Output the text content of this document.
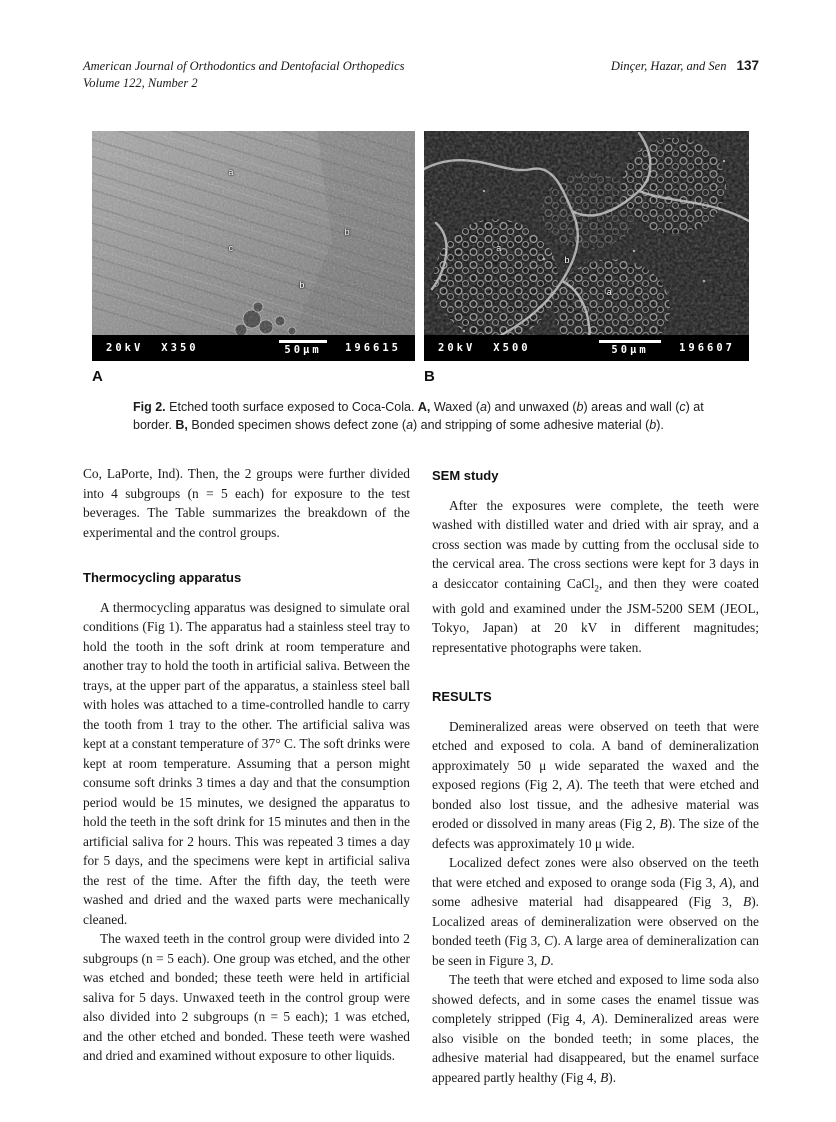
American Journal of Orthodontics and Dentofacial Orthopedics
Volume 122, Number 2
Dinçer, Hazar, and Sen 137
a
b
c
b
20kV X350	50μm 196615
A
a
b
a
20kV X500	50μm	196607
B
Fig 2. Etched tooth surface exposed to Coca-Cola. A, Waxed (a) and unwaxed (b) areas and wall (c) at border. B, Bonded specimen shows defect zone (a) and stripping of some adhesive material (b).

Co, LaPorte, Ind). Then, the 2 groups were further divided into 4 subgroups (n = 5 each) for exposure to the test beverages. The Table summarizes the breakdown of the experimental and the control groups.

Thermocycling apparatus

A thermocycling apparatus was designed to simulate oral conditions (Fig 1). The apparatus had a stainless steel tray to hold the tooth in the soft drink at room temperature and another tray to hold the tooth in artificial saliva. Between the trays, at the upper part of the apparatus, a stainless steel ball with holes was attached to a time-controlled handle to carry the tooth from 1 tray to the other. The artificial saliva was kept at a constant temperature of 37° C. The soft drinks were kept at room temperature. Assuming that a person might consume soft drinks 3 times a day and that the consumption period would be 15 minutes, we designed the apparatus to hold the teeth in the soft drink for 15 minutes and then in the artificial saliva for 2 hours. This was repeated 3 times a day for 5 days, and the specimens were kept in artificial saliva the rest of the time. After the fifth day, the teeth were washed and dried and the waxed parts were mechanically cleaned.

The waxed teeth in the control group were divided into 2 subgroups (n = 5 each). One group was etched, and the other was etched and bonded; these teeth were held in artificial saliva for 5 days. Unwaxed teeth in the control group were also divided into 2 subgroups (n = 5 each); 1 was etched, and the other etched and bonded. These teeth were washed and dried and examined without exposure to other liquids.

SEM study

After the exposures were complete, the teeth were washed with distilled water and dried with air spray, and a cross section was made by cutting from the occlusal side to the cervical area. The cross sections were kept for 3 days in a desiccator containing CaCl$_2$, and then they were coated with gold and examined under the JSM-5200 SEM (JEOL, Tokyo, Japan) at 20 kV in different magnitudes; representative photographs were taken.

RESULTS

Demineralized areas were observed on teeth that were etched and exposed to cola. A band of demineralization approximately 50 μ wide separated the waxed and the exposed regions (Fig 2, A). The teeth that were etched and bonded also lost tissue, and the adhesive material was eroded or dissolved in many areas (Fig 2, B). The size of the defects was approximately 10 μ wide.

Localized defect zones were also observed on the teeth that were etched and exposed to orange soda (Fig 3, A), and some adhesive material had disappeared (Fig 3, B). Localized areas of demineralization were observed on the bonded teeth (Fig 3, C). A large area of demineralization can be seen in Figure 3, D.

The teeth that were etched and exposed to lime soda also showed defects, and in some cases the enamel tissue was completely stripped (Fig 4, A). Demineralized areas were also visible on the bonded teeth; in some places, the adhesive material had disappeared, but the enamel surface appeared partly healthy (Fig 4, B).
